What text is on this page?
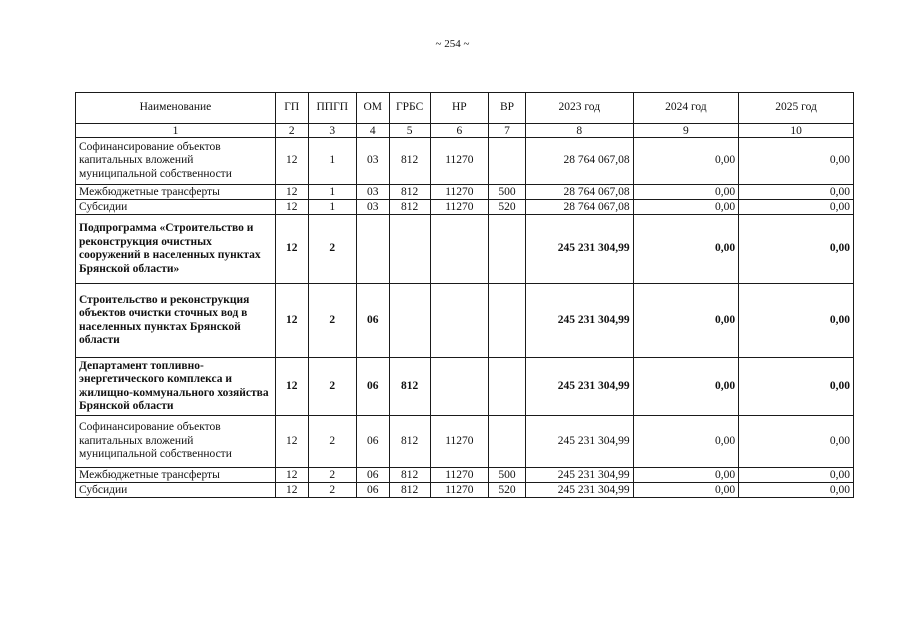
~ 254 ~
Наименование	ГП	ППГП	ОМ	ГРБС	НР	ВР	2023 год	2024 год	2025 год
1	2	3	4	5	6	7	8	9	10
Софинансирование объектов капитальных вложений муниципальной собственности	12	1	03	812	11270		28 764 067,08	0,00	0,00
Межбюджетные трансферты	12	1	03	812	11270	500	28 764 067,08	0,00	0,00
Субсидии	12	1	03	812	11270	520	28 764 067,08	0,00	0,00
Подпрограмма «Строительство и реконструкция очистных сооружений в населенных пунктах Брянской области»	12	2					245 231 304,99	0,00	0,00
Строительство и реконструкция объектов очистки сточных вод в населенных пунктах Брянской области	12	2	06				245 231 304,99	0,00	0,00
Департамент топливно-энергетического комплекса и жилищно-коммунального хозяйства Брянской области	12	2	06	812			245 231 304,99	0,00	0,00
Софинансирование объектов капитальных вложений муниципальной собственности	12	2	06	812	11270		245 231 304,99	0,00	0,00
Межбюджетные трансферты	12	2	06	812	11270	500	245 231 304,99	0,00	0,00
Субсидии	12	2	06	812	11270	520	245 231 304,99	0,00	0,00
